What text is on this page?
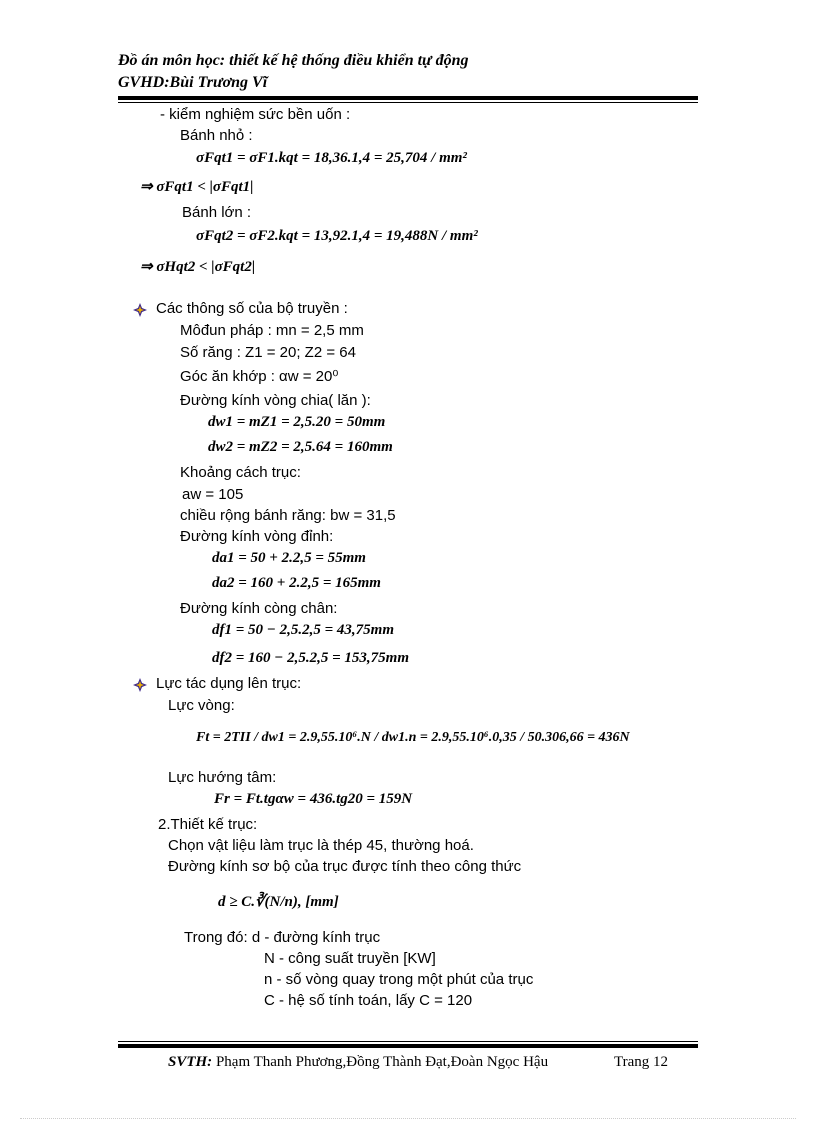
Đồ án môn học: thiết kế hệ thống điều khiển tự động
GVHD:Bùi Trương Vĩ
- kiểm nghiệm sức bền uốn :
Bánh nhỏ :
σFqt1 = σF1.kqt = 18,36.1,4 = 25,704 / mm²
⇒ σFqt1 < |σFqt1|
Bánh lớn :
σFqt2 = σF2.kqt = 13,92.1,4 = 19,488N / mm²
⇒ σHqt2 < |σFqt2|
Các thông số của bộ truyền :
Môđun pháp : mn = 2,5 mm
Số răng : Z1 = 20; Z2 = 64
Góc ăn khớp : αw = 20⁰
Đường kính vòng chia( lăn ):
dw1 = mZ1 = 2,5.20 = 50mm
dw2 = mZ2 = 2,5.64 = 160mm
Khoảng cách trục:
aw = 105
chiều rộng bánh răng: bw = 31,5
Đường kính vòng đỉnh:
da1 = 50 + 2.2,5 = 55mm
da2 = 160 + 2.2,5 = 165mm
Đường kính còng chân:
df1 = 50 − 2,5.2,5 = 43,75mm
df2 = 160 − 2,5.2,5 = 153,75mm
Lực tác dụng lên trục:
Lực vòng:
Ft = 2TII / dw1 = 2.9,55.10⁶.N / dw1.n = 2.9,55.10⁶.0,35 / 50.306,66 = 436N
Lực hướng tâm:
Fr = Ft.tgαw = 436.tg20 = 159N
2.Thiết kế trục:
Chọn vật liệu làm trục là thép 45, thường hoá.
Đường kính sơ bộ của trục được tính theo công thức
d ≥ C.∛(N/n), [mm]
Trong đó: d - đường kính trục
N - công suất truyền [KW]
n - số vòng quay trong một phút của trục
C - hệ số tính toán, lấy C = 120
SVTH: Phạm Thanh Phương,Đồng Thành Đạt,Đoàn Ngọc Hậu	Trang 12
